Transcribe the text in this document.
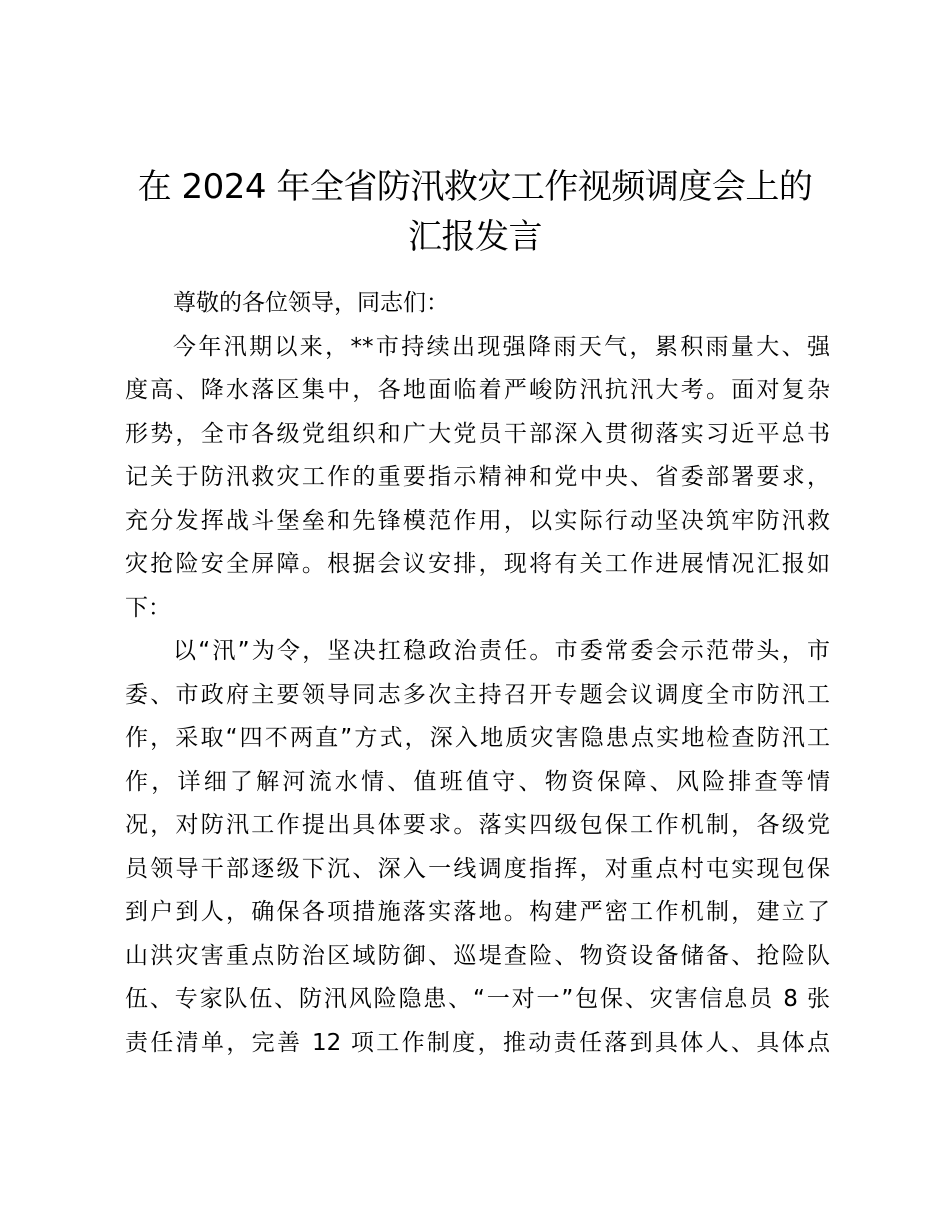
在 2024 年全省防汛救灾工作视频调度会上的
汇报发言
尊敬的各位领导，同志们：
今年汛期以来，**市持续出现强降雨天气，累积雨量大、强
度高、降水落区集中，各地面临着严峻防汛抗汛大考。面对复杂
形势，全市各级党组织和广大党员干部深入贯彻落实习近平总书
记关于防汛救灾工作的重要指示精神和党中央、省委部署要求，
充分发挥战斗堡垒和先锋模范作用，以实际行动坚决筑牢防汛救
灾抢险安全屏障。根据会议安排，现将有关工作进展情况汇报如
下：
以“汛”为令，坚决扛稳政治责任。市委常委会示范带头，市
委、市政府主要领导同志多次主持召开专题会议调度全市防汛工
作，采取“四不两直”方式，深入地质灾害隐患点实地检查防汛工
作，详细了解河流水情、值班值守、物资保障、风险排查等情
况，对防汛工作提出具体要求。落实四级包保工作机制，各级党
员领导干部逐级下沉、深入一线调度指挥，对重点村屯实现包保
到户到人，确保各项措施落实落地。构建严密工作机制，建立了
山洪灾害重点防治区域防御、巡堤查险、物资设备储备、抢险队
伍、专家队伍、防汛风险隐患、“一对一”包保、灾害信息员 8 张
责任清单，完善 12 项工作制度，推动责任落到具体人、具体点
